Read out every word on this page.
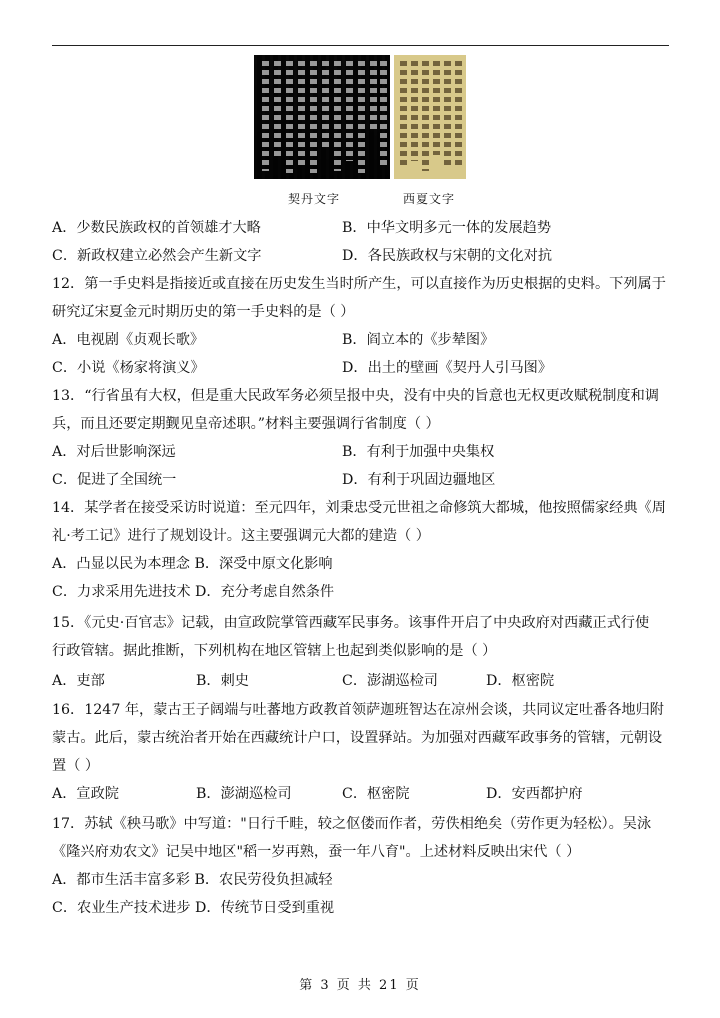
契丹文字	西夏文字
A．少数民族政权的首领雄才大略	B．中华文明多元一体的发展趋势
C．新政权建立必然会产生新文字	D．各民族政权与宋朝的文化对抗
12．第一手史料是指接近或直接在历史发生当时所产生，可以直接作为历史根据的史料。下列属于
研究辽宋夏金元时期历史的第一手史料的是（ ）
A．电视剧《贞观长歌》	B．阎立本的《步辇图》
C．小说《杨家将演义》	D．出土的壁画《契丹人引马图》
13．“行省虽有大权，但是重大民政军务必须呈报中央，没有中央的旨意也无权更改赋税制度和调
兵，而且还要定期觐见皇帝述职。”材料主要强调行省制度（ ）
A．对后世影响深远	B．有利于加强中央集权
C．促进了全国统一	D．有利于巩固边疆地区
14．某学者在接受采访时说道：至元四年，刘秉忠受元世祖之命修筑大都城，他按照儒家经典《周
礼·考工记》进行了规划设计。这主要强调元大都的建造（ ）
A．凸显以民为本理念 B．深受中原文化影响
C．力求采用先进技术 D．充分考虑自然条件
15．《元史·百官志》记载，由宣政院掌管西藏军民事务。该事件开启了中央政府对西藏正式行使
行政管辖。据此推断，下列机构在地区管辖上也起到类似影响的是（ ）
A．吏部	B．刺史	C．澎湖巡检司	D．枢密院
16．1247 年，蒙古王子阔端与吐蕃地方政教首领萨迦班智达在凉州会谈，共同议定吐番各地归附
蒙古。此后，蒙古统治者开始在西藏统计户口，设置驿站。为加强对西藏军政事务的管辖，元朝设
置（ ）
A．宣政院	B．澎湖巡检司	C．枢密院	D．安西都护府
17．苏轼《秧马歌》中写道："日行千畦，较之伛偻而作者，劳佚相绝矣（劳作更为轻松）。吴泳
《隆兴府劝农文》记吴中地区"稻一岁再熟，蚕一年八育"。上述材料反映出宋代（ ）
A．都市生活丰富多彩 B．农民劳役负担减轻
C．农业生产技术进步 D．传统节日受到重视
第 3 页 共 21 页
